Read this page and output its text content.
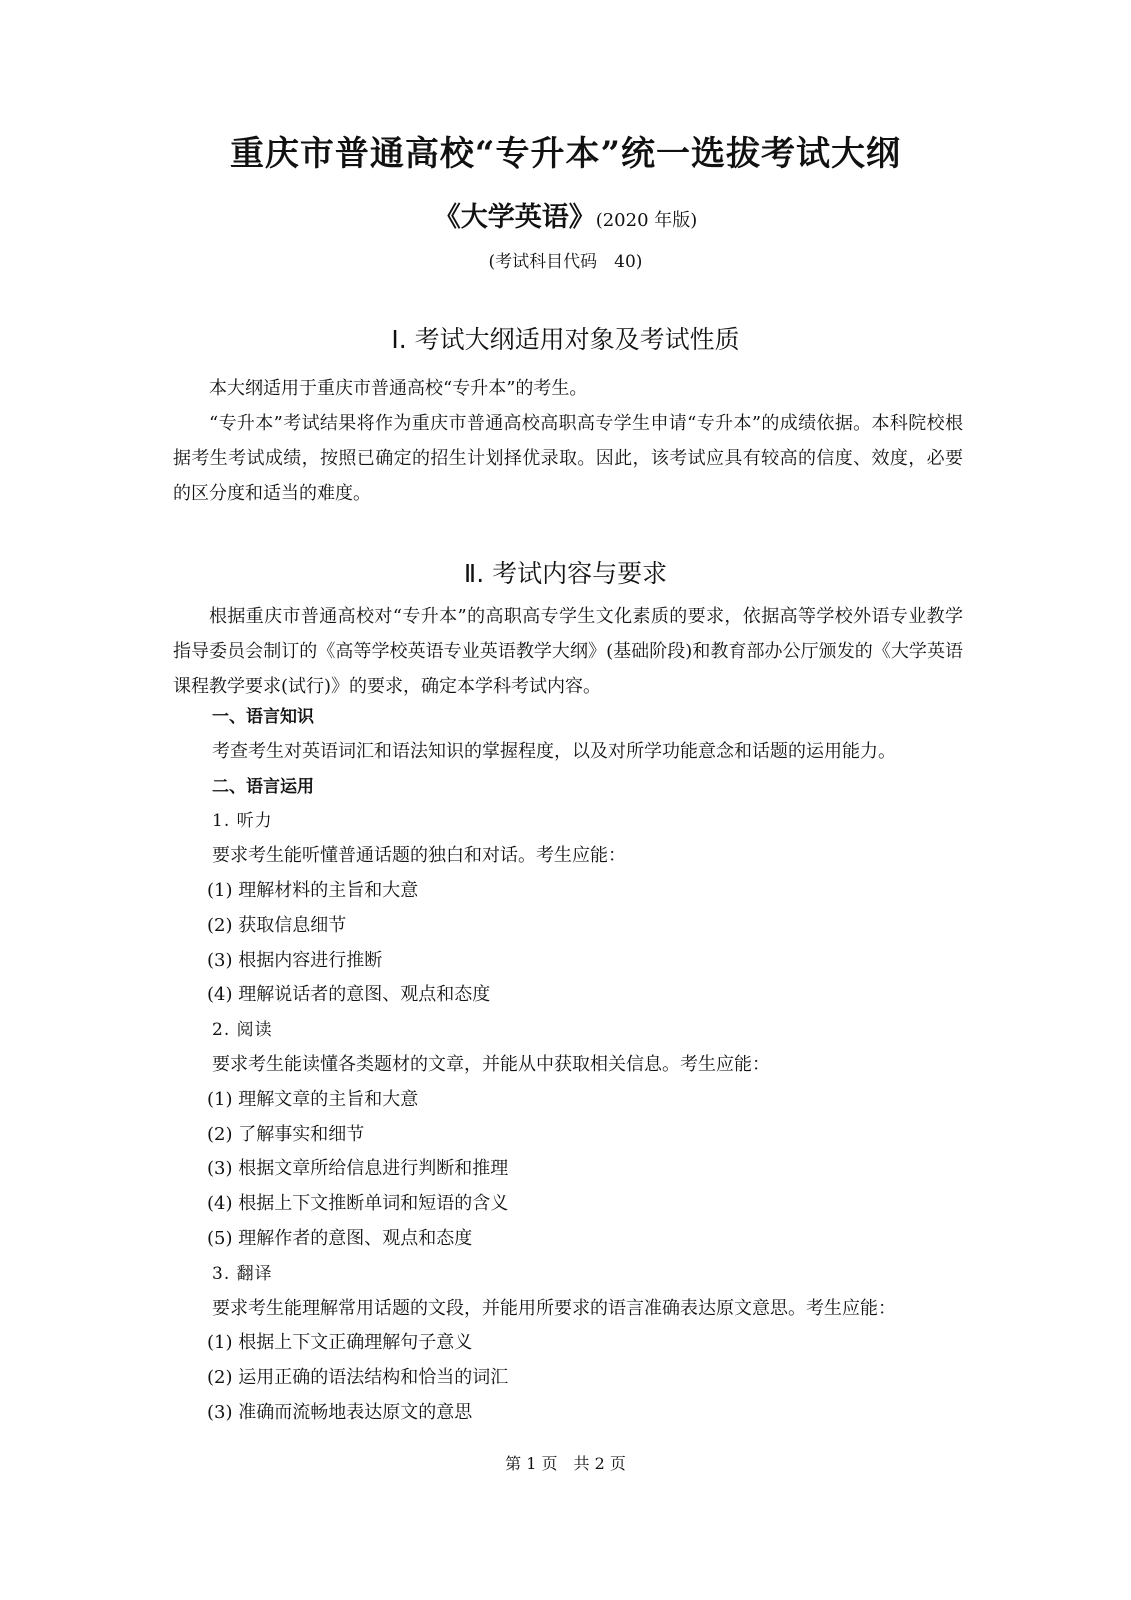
重庆市普通高校“专升本”统一选拔考试大纲
《大学英语》(2020 年版)
(考试科目代码　40)
Ⅰ. 考试大纲适用对象及考试性质
本大纲适用于重庆市普通高校“专升本”的考生。
“专升本”考试结果将作为重庆市普通高校高职高专学生申请“专升本”的成绩依据。本科院校根据考生考试成绩，按照已确定的招生计划择优录取。因此，该考试应具有较高的信度、效度，必要的区分度和适当的难度。
Ⅱ. 考试内容与要求
根据重庆市普通高校对“专升本”的高职高专学生文化素质的要求，依据高等学校外语专业教学指导委员会制订的《高等学校英语专业英语教学大纲》(基础阶段)和教育部办公厅颁发的《大学英语课程教学要求(试行)》的要求，确定本学科考试内容。
一、语言知识
考查考生对英语词汇和语法知识的掌握程度，以及对所学功能意念和话题的运用能力。
二、语言运用
1. 听力
要求考生能听懂普通话题的独白和对话。考生应能：
(1) 理解材料的主旨和大意
(2) 获取信息细节
(3) 根据内容进行推断
(4) 理解说话者的意图、观点和态度
2. 阅读
要求考生能读懂各类题材的文章，并能从中获取相关信息。考生应能：
(1) 理解文章的主旨和大意
(2) 了解事实和细节
(3) 根据文章所给信息进行判断和推理
(4) 根据上下文推断单词和短语的含义
(5) 理解作者的意图、观点和态度
3. 翻译
要求考生能理解常用话题的文段，并能用所要求的语言准确表达原文意思。考生应能：
(1) 根据上下文正确理解句子意义
(2) 运用正确的语法结构和恰当的词汇
(3) 准确而流畅地表达原文的意思
第 1 页　共 2 页
